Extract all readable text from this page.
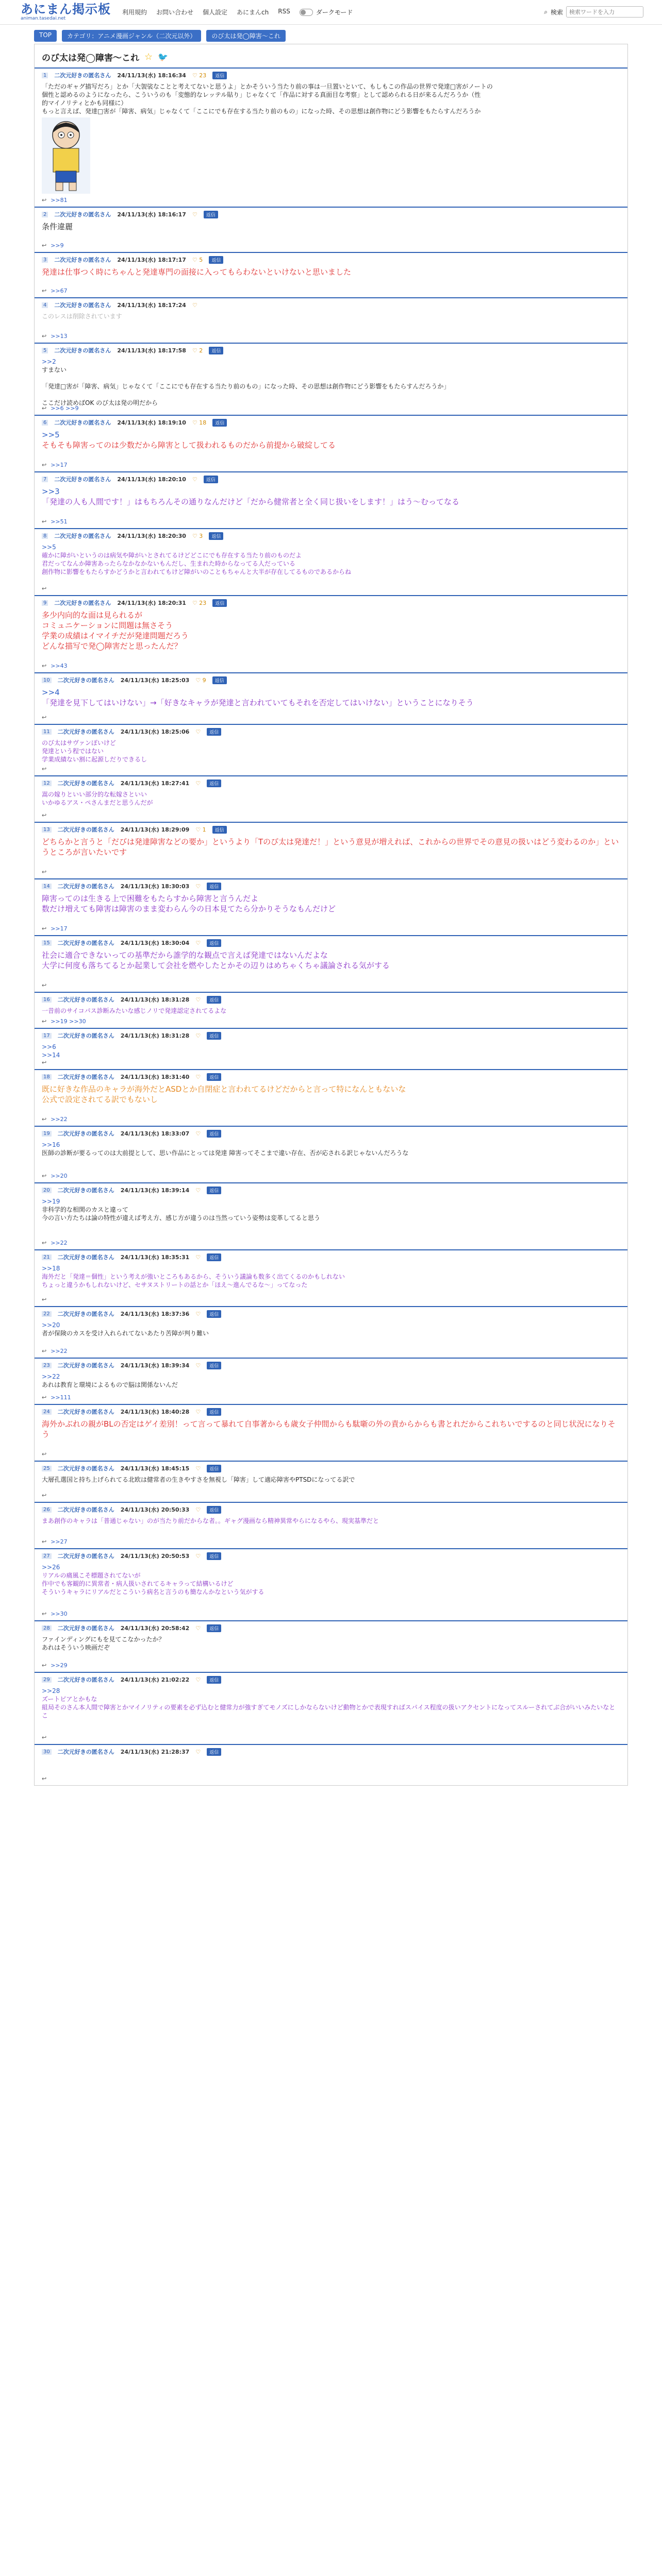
あにまん掲示板
animan.tasedai.net
利用規約 お問い合わせ 個人設定 あにまんch RSS	ダークモード	⌕ 検索
検索ワードを入力
TOP	カテゴリ：アニメ漫画ジャンル（二次元以外）	のび太は発◯障害〜これ
のび太は発◯障害〜これ ☆ 🐦
1 二次元好きの匿名さん 24/11/13(水) 18:16:34 ♡ 23	返信
「ただのギャグ描写だろ」とか「大袈裟なことと考えてないと思うよ」とかそういう当たり前の事は一旦置いといて、もしもこの作品の世界で発達□害がノートの
個性と認めるのようになったら、こういうのも「変態的なレッテル貼り」じゃなくて「作品に対する真面目な考察」として認められる日が来るんだろうか（性
的マイノリティとかも同様に）
もっと言えば、発達□害が「障害、病気」じゃなくて「ここにでも存在する当たり前のもの」になった時、その思想は創作物にどう影響をもたらすんだろうか
↩ >>81
2 二次元好きの匿名さん 24/11/13(水) 18:16:17 ♡	返信
条件違麗
↩ >>9
3 二次元好きの匿名さん 24/11/13(水) 18:17:17 ♡ 5	返信
発達は仕事つく時にちゃんと発達専門の面接に入ってもらわないといけないと思いました
↩ >>67
4 二次元好きの匿名さん 24/11/13(水) 18:17:24 ♡
このレスは削除されています
↩ >>13
5 二次元好きの匿名さん 24/11/13(水) 18:17:58 ♡ 2	返信
>>2
すまない

「発達□害が「障害、病気」じゃなくて「ここにでも存在する当たり前のもの」になった時、その思想は創作物にどう影響をもたらすんだろうか」

ここだけ読めばOK のび太は発の明だから
↩ >>6 >>9
6 二次元好きの匿名さん 24/11/13(水) 18:19:10 ♡ 18	返信
>>5
そもそも障害ってのは少数だから障害として扱われるものだから前提から破綻してる
↩ >>17
7 二次元好きの匿名さん 24/11/13(水) 18:20:10 ♡	返信
>>3
「発達の人も人間です！」はもちろんその通りなんだけど「だから健常者と全く同じ扱いをします！」はう〜むってなる
↩ >>51
8 二次元好きの匿名さん 24/11/13(水) 18:20:30 ♡ 3	返信
>>5
確かに障がいというのは病気や障がいとされてるけどどこにでも存在する当たり前のものだよ
君だってなんか障害あったらなかなかないもんだし、生まれた時からなってる人だっている
創作物に影響をもたらすかどうかと言われてもけど障がいのこともちゃんと大半が存在してるものであるからね
↩
9 二次元好きの匿名さん 24/11/13(水) 18:20:31 ♡ 23	返信
多少内向的な面は見られるが
コミュニケーションに問題は無さそう
学業の成績はイマイチだが発達問題だろう
どんな描写で発◯障害だと思ったんだ？
↩ >>43
10 二次元好きの匿名さん 24/11/13(水) 18:25:03 ♡ 9	返信
>>4
「発達を見下してはいけない」→「好きなキャラが発達と言われていてもそれを否定してはいけない」ということになりそう
↩
11 二次元好きの匿名さん 24/11/13(水) 18:25:06 ♡	返信
のび太はサヴァンぽいけど
発達という程ではない
学業成績ない割に起源しだりできるし
↩
12 二次元好きの匿名さん 24/11/13(水) 18:27:41 ♡	返信
嵩の嫁りといい部分的な転嫁さといい
いかゆるアス・ペさんまだと思うんだが
↩
13 二次元好きの匿名さん 24/11/13(水) 18:29:09 ♡ 1	返信
どちらかと言うと「だびは発達障害などの要か」というより「Tのび太は発達だ！」という意見が増えれば、これからの世界でその意見の扱いはどう変わるのか」というところが言いたいです
↩
14 二次元好きの匿名さん 24/11/13(水) 18:30:03 ♡	返信
障害ってのは生きる上で困難をもたらすから障害と言うんだよ
数だけ増えても障害は障害のまま変わらん今の日本見てたら分かりそうなもんだけど
↩ >>17
15 二次元好きの匿名さん 24/11/13(水) 18:30:04 ♡	返信
社会に適合できないっての基準だから誰学的な観点で言えば発達ではないんだよな
大学に何度も落ちてるとか起業して会社を燃やしたとかその辺りはめちゃくちゃ議論される気がする
↩
16 二次元好きの匿名さん 24/11/13(水) 18:31:28 ♡	返信
一昔前のサイコパス診断みたいな感じノリで発達認定されてるよな
↩ >>19 >>30
17 二次元好きの匿名さん 24/11/13(水) 18:31:28 ♡	返信
>>6
>>14
↩
18 二次元好きの匿名さん 24/11/13(水) 18:31:40 ♡	返信
既に好きな作品のキャラが海外だとASDとか自閉症と言われてるけどだからと言って特になんともないな
公式で設定されてる訳でもないし
↩ >>22
19 二次元好きの匿名さん 24/11/13(水) 18:33:07 ♡	返信
>>16
医師の診断が要るってのは大前提として、思い作品にとっては発達 障害ってそこまで違い存在、否が応される訳じゃないんだろうな
↩ >>20
20 二次元好きの匿名さん 24/11/13(水) 18:39:14 ♡	返信
>>19
非科学的な相関のカスと違って
今の言い方たちは論の特性が違えば考え方、感じ方が違うのは当然っていう姿勢は変革してると思う
↩ >>22
21 二次元好きの匿名さん 24/11/13(水) 18:35:31 ♡	返信
>>18
海外だと「発達＝個性」という考えが強いところもあるから、そういう議論も数多く出てくるのかもしれない
ちょっと違うかもしれないけど、セサヌストリートの話とか「ほえ〜進んでるな〜」ってなった
↩
22 二次元好きの匿名さん 24/11/13(水) 18:37:36 ♡	返信
>>20
者が保険のカスを受け入れられてないあたり苦障が判り難い
↩ >>22
23 二次元好きの匿名さん 24/11/13(水) 18:39:34 ♡	返信
>>22
あれは教育と環境によるもので脳は関係ないんだ
↩ >>111
24 二次元好きの匿名さん 24/11/13(水) 18:40:28 ♡	返信
海外かぶれの親がBLの否定はゲイ差別！って言って暴れて自事著からも歳女子仲間からも駄噺の外の責からからも書とれだからこれちいでするのと同じ状況になりそう
↩
25 二次元好きの匿名さん 24/11/13(水) 18:45:15 ♡	返信
大層孔選国と持ち上げられてる北欧は健常者の生きやすさを無視し「障害」して適応障害やPTSDになってる訳で
↩
26 二次元好きの匿名さん 24/11/13(水) 20:50:33 ♡	返信
まあ創作のキャラは「普通じゃない」のが当たり前だからな者。。ギャグ漫画なら精神異常やらになるやら、現実基準だと
↩ >>27
27 二次元好きの匿名さん 24/11/13(水) 20:50:53 ♡	返信
>>26
リアルの痛風こそ標題されてないが
作中でも客観的に異常者・病人扱いされてるキャラって結構いるけど
そういうキャラにリアルだとこういう病名と言うのも簡なんかなという気がする
↩ >>30
28 二次元好きの匿名さん 24/11/13(水) 20:58:42 ♡	返信
ファインディングにもを見てこなかったか？
あれはそういう映画だぞ
↩ >>29
29 二次元好きの匿名さん 24/11/13(水) 21:02:22 ♡	返信
>>28
ズートピアとかもな
組局そのさん本人間で障害とかマイノリティの要素を必ず込むと健常力が強すぎてモノズにしかならないけど動物とかで表現すればスパイス程度の扱いアクセントになってスルーされてぶ合がいいみたいなとこ
↩
30 二次元好きの匿名さん 24/11/13(水) 21:28:37 ♡	返信

↩
